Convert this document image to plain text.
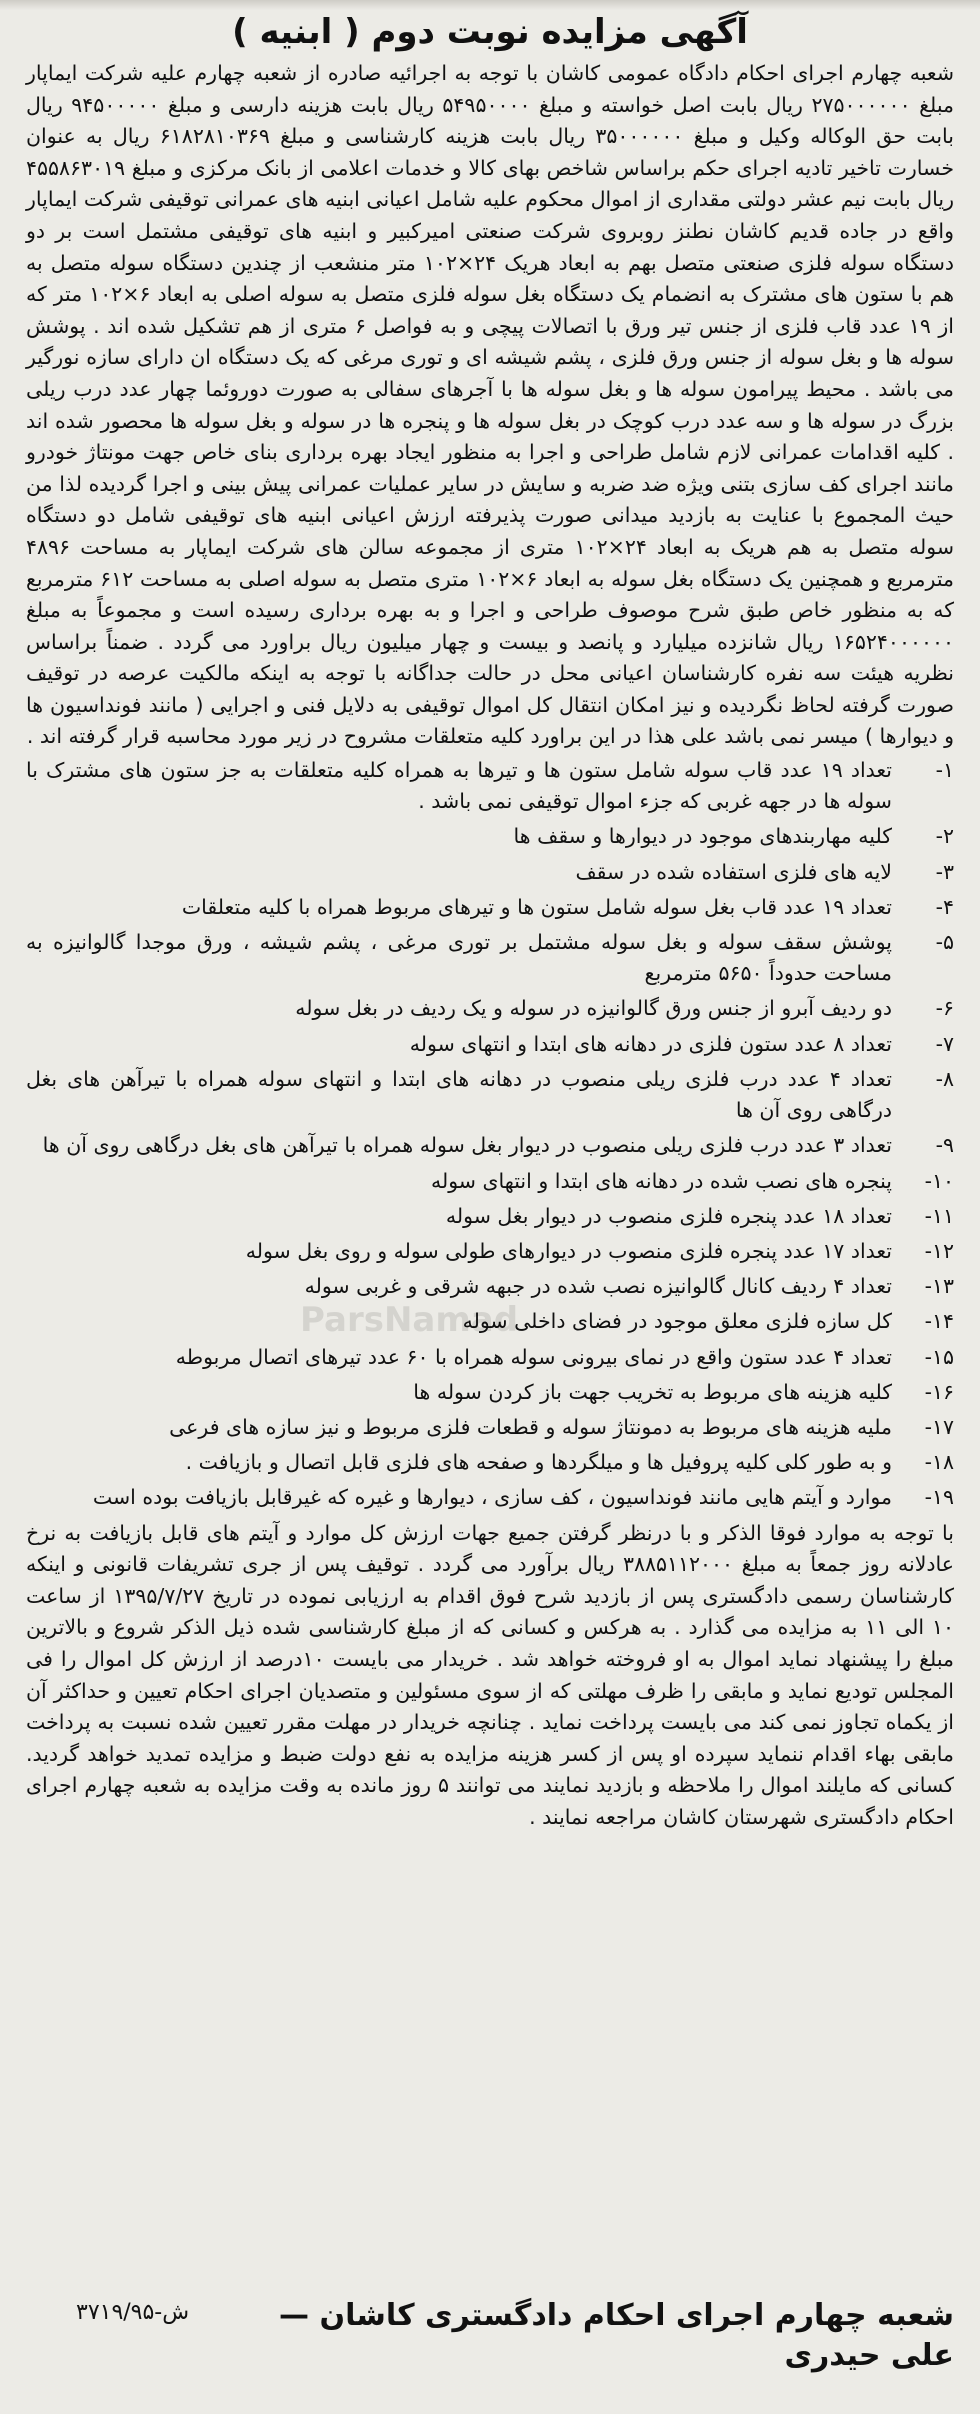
آگهی مزایده نوبت دوم ( ابنیه )

شعبه چهارم اجرای احکام دادگاه عمومی کاشان با توجه به اجرائیه صادره از شعبه چهارم علیه شرکت ایماپار مبلغ ۲۷۵۰۰۰۰۰۰ ریال بابت اصل خواسته و مبلغ ۵۴۹۵۰۰۰۰ ریال بابت هزینه دارسی و مبلغ ۹۴۵۰۰۰۰۰ ریال بابت حق الوکاله وکیل و مبلغ ۳۵۰۰۰۰۰۰ ریال بابت هزینه کارشناسی و مبلغ ۶۱۸۲۸۱۰۳۶۹ ریال به عنوان خسارت تاخیر تادیه اجرای حکم براساس شاخص بهای کالا و خدمات اعلامی از بانک مرکزی و مبلغ ۴۵۵۸۶۳۰۱۹ ریال بابت نیم عشر دولتی مقداری از اموال محکوم علیه شامل اعیانی ابنیه های عمرانی توقیفی شرکت ایماپار واقع در جاده قدیم کاشان نطنز روبروی شرکت صنعتی امیرکبیر و ابنیه های توقیفی مشتمل است بر دو دستگاه سوله فلزی صنعتی متصل بهم به ابعاد هریک ۲۴×۱۰۲ متر منشعب از چندین دستگاه سوله متصل به هم با ستون های مشترک به انضمام یک دستگاه بغل سوله فلزی متصل به سوله اصلی به ابعاد ۶×۱۰۲ متر که از ۱۹ عدد قاب فلزی از جنس تیر ورق با اتصالات پیچی و به فواصل ۶ متری از هم تشکیل شده اند . پوشش سوله ها و بغل سوله از جنس ورق فلزی ، پشم شیشه ای و توری مرغی که یک دستگاه ان دارای سازه نورگیر می باشد . محیط پیرامون سوله ها و بغل سوله ها با آجرهای سفالی به صورت دوروئما چهار عدد درب ریلی بزرگ در سوله ها و سه عدد درب کوچک در بغل سوله ها و پنجره ها در سوله و بغل سوله ها محصور شده اند . کلیه اقدامات عمرانی لازم شامل طراحی و اجرا به منظور ایجاد بهره برداری بنای خاص جهت مونتاژ خودرو مانند اجرای کف سازی بتنی ویژه ضد ضربه و سایش در سایر عملیات عمرانی پیش بینی و اجرا گردیده لذا من حیث المجموع با عنایت به بازدید میدانی صورت پذیرفته ارزش اعیانی ابنیه های توقیفی شامل دو دستگاه سوله متصل به هم هریک به ابعاد ۲۴×۱۰۲ متری از مجموعه سالن های شرکت ایماپار به مساحت ۴۸۹۶ مترمربع و همچنین یک دستگاه بغل سوله به ابعاد ۶×۱۰۲ متری متصل به سوله اصلی به مساحت ۶۱۲ مترمربع که به منظور خاص طبق شرح موصوف طراحی و اجرا و به بهره برداری رسیده است و مجموعاً به مبلغ ۱۶۵۲۴۰۰۰۰۰۰ ریال شانزده میلیارد و پانصد و بیست و چهار میلیون ریال براورد می گردد . ضمناً براساس نظریه هیئت سه نفره کارشناسان اعیانی محل در حالت جداگانه با توجه به اینکه مالکیت عرصه در توقیف صورت گرفته لحاظ نگردیده و نیز امکان انتقال کل اموال توقیفی به دلایل فنی و اجرایی ( مانند فونداسیون ها و دیوارها ) میسر نمی باشد علی هذا در این براورد کلیه متعلقات مشروح در زیر مورد محاسبه قرار گرفته اند .

۱-
تعداد ۱۹ عدد قاب سوله شامل ستون ها و تیرها به همراه کلیه متعلقات به جز ستون های مشترک با سوله ها در جهه غربی که جزء اموال توقیفی نمی باشد .
۲-
کلیه مهاربندهای موجود در دیوارها و سقف ها
۳-
لایه های فلزی استفاده شده در سقف
۴-
تعداد ۱۹ عدد قاب بغل سوله شامل ستون ها و تیرهای مربوط همراه با کلیه متعلقات
۵-
پوشش سقف سوله و بغل سوله مشتمل بر توری مرغی ، پشم شیشه ، ورق موجدا گالوانیزه به مساحت حدوداً ۵۶۵۰ مترمربع
۶-
دو ردیف آبرو از جنس ورق گالوانیزه در سوله و یک ردیف در بغل سوله
۷-
تعداد ۸ عدد ستون فلزی در دهانه های ابتدا و انتهای سوله
۸-
تعداد ۴ عدد درب فلزی ریلی منصوب در دهانه های ابتدا و انتهای سوله همراه با تیرآهن های بغل درگاهی روی آن ها
۹-
تعداد ۳ عدد درب فلزی ریلی منصوب در دیوار بغل سوله همراه با تیرآهن های بغل درگاهی روی آن ها
۱۰-
پنجره های نصب شده در دهانه های ابتدا و انتهای سوله
۱۱-
تعداد ۱۸ عدد پنجره فلزی منصوب در دیوار بغل سوله
۱۲-
تعداد ۱۷ عدد پنجره فلزی منصوب در دیوارهای طولی سوله و روی بغل سوله
۱۳-
تعداد ۴ ردیف کانال گالوانیزه نصب شده در جبهه شرقی و غربی سوله
۱۴-
کل سازه فلزی معلق موجود در فضای داخلی سوله
۱۵-
تعداد ۴ عدد ستون واقع در نمای بیرونی سوله همراه با ۶۰ عدد تیرهای اتصال مربوطه
۱۶-
کلیه هزینه های مربوط به تخریب جهت باز کردن سوله ها
۱۷-
ملیه هزینه های مربوط به دمونتاژ سوله و قطعات فلزی مربوط و نیز سازه های فرعی
۱۸-
و به طور کلی کلیه پروفیل ها و میلگردها و صفحه های فلزی قابل اتصال و بازیافت .
۱۹-
موارد و آیتم هایی مانند فونداسیون ، کف سازی ، دیوارها و غیره که غیرقابل بازیافت بوده است

با توجه به موارد فوقا الذکر و با درنظر گرفتن جمیع جهات ارزش کل موارد و آیتم های قابل بازیافت به نرخ عادلانه روز جمعاً به مبلغ ۳۸۸۵۱۱۲۰۰۰ ریال برآورد می گردد . توقیف پس از جری تشریفات قانونی و اینکه کارشناسان رسمی دادگستری پس از بازدید شرح فوق اقدام به ارزیابی نموده در تاریخ ۱۳۹۵/۷/۲۷ از ساعت ۱۰ الی ۱۱ به مزایده می گذارد . به هرکس و کسانی که از مبلغ کارشناسی شده ذیل الذکر شروع و بالاترین مبلغ را پیشنهاد نماید اموال به او فروخته خواهد شد . خریدار می بایست ۱۰درصد از ارزش کل اموال را فی المجلس تودیع نماید و مابقی را ظرف مهلتی که از سوی مسئولین و متصدیان اجرای احکام تعیین و حداکثر آن از یکماه تجاوز نمی کند می بایست پرداخت نماید . چنانچه خریدار در مهلت مقرر تعیین شده نسبت به پرداخت مابقی بهاء اقدام ننماید سپرده او پس از کسر هزینه مزایده به نفع دولت ضبط و مزایده تمدید خواهد گردید. کسانی که مایلند اموال را ملاحظه و بازدید نمایند می توانند ۵ روز مانده به وقت مزایده به شعبه چهارم اجرای احکام دادگستری شهرستان کاشان مراجعه نمایند .

ParsNamad
شعبه چهارم اجرای احکام دادگستری کاشان —
علی حیدری
۳۷۱۹/۹۵-ش
